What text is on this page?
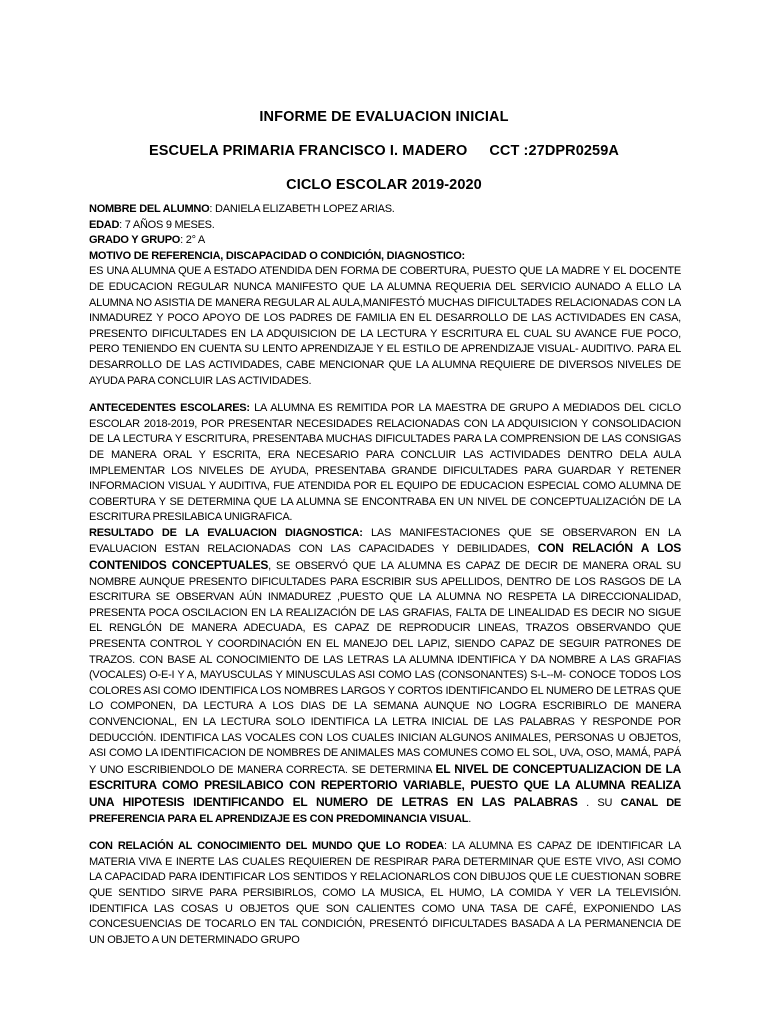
INFORME DE EVALUACION INICIAL
ESCUELA PRIMARIA FRANCISCO I. MADERO CCT :27DPR0259A
CICLO ESCOLAR 2019-2020

NOMBRE DEL ALUMNO: DANIELA ELIZABETH LOPEZ ARIAS.

EDAD: 7 AÑOS 9 MESES.

GRADO Y GRUPO: 2° A

MOTIVO DE REFERENCIA, DISCAPACIDAD O CONDICIÓN, DIAGNOSTICO:

ES UNA ALUMNA QUE A ESTADO ATENDIDA DEN FORMA DE COBERTURA, PUESTO QUE LA MADRE Y EL DOCENTE DE EDUCACION REGULAR NUNCA MANIFESTO QUE LA ALUMNA REQUERIA DEL SERVICIO AUNADO A ELLO LA ALUMNA NO ASISTIA DE MANERA REGULAR AL AULA,MANIFESTÓ MUCHAS DIFICULTADES RELACIONADAS CON LA INMADUREZ Y POCO APOYO DE LOS PADRES DE FAMILIA EN EL DESARROLLO DE LAS ACTIVIDADES EN CASA, PRESENTO DIFICULTADES EN LA ADQUISICION DE LA LECTURA Y ESCRITURA EL CUAL SU AVANCE FUE POCO, PERO TENIENDO EN CUENTA SU LENTO APRENDIZAJE Y EL ESTILO DE APRENDIZAJE VISUAL- AUDITIVO. PARA EL DESARROLLO DE LAS ACTIVIDADES, CABE MENCIONAR QUE LA ALUMNA REQUIERE DE DIVERSOS NIVELES DE AYUDA PARA CONCLUIR LAS ACTIVIDADES.

ANTECEDENTES ESCOLARES: LA ALUMNA ES REMITIDA POR LA MAESTRA DE GRUPO A MEDIADOS DEL CICLO ESCOLAR 2018-2019, POR PRESENTAR NECESIDADES RELACIONADAS CON LA ADQUISICION Y CONSOLIDACION DE LA LECTURA Y ESCRITURA, PRESENTABA MUCHAS DIFICULTADES PARA LA COMPRENSION DE LAS CONSIGAS DE MANERA ORAL Y ESCRITA, ERA NECESARIO PARA CONCLUIR LAS ACTIVIDADES DENTRO DELA AULA IMPLEMENTAR LOS NIVELES DE AYUDA, PRESENTABA GRANDE DIFICULTADES PARA GUARDAR Y RETENER INFORMACION VISUAL Y AUDITIVA, FUE ATENDIDA POR EL EQUIPO DE EDUCACION ESPECIAL COMO ALUMNA DE COBERTURA Y SE DETERMINA QUE LA ALUMNA SE ENCONTRABA EN UN NIVEL DE CONCEPTUALIZACIÓN DE LA ESCRITURA PRESILABICA UNIGRAFICA.

RESULTADO DE LA EVALUACION DIAGNOSTICA: LAS MANIFESTACIONES QUE SE OBSERVARON EN LA EVALUACION ESTAN RELACIONADAS CON LAS CAPACIDADES Y DEBILIDADES, CON RELACIÓN A LOS CONTENIDOS CONCEPTUALES, SE OBSERVÓ QUE LA ALUMNA ES CAPAZ DE DECIR DE MANERA ORAL SU NOMBRE AUNQUE PRESENTO DIFICULTADES PARA ESCRIBIR SUS APELLIDOS, DENTRO DE LOS RASGOS DE LA ESCRITURA SE OBSERVAN AÚN INMADUREZ ,PUESTO QUE LA ALUMNA NO RESPETA LA DIRECCIONALIDAD, PRESENTA POCA OSCILACION EN LA REALIZACIÓN DE LAS GRAFIAS, FALTA DE LINEALIDAD ES DECIR NO SIGUE EL RENGLÓN DE MANERA ADECUADA, ES CAPAZ DE REPRODUCIR LINEAS, TRAZOS OBSERVANDO QUE PRESENTA CONTROL Y COORDINACIÓN EN EL MANEJO DEL LAPIZ, SIENDO CAPAZ DE SEGUIR PATRONES DE TRAZOS. CON BASE AL CONOCIMIENTO DE LAS LETRAS LA ALUMNA IDENTIFICA Y DA NOMBRE A LAS GRAFIAS (VOCALES) O-E-I Y A, MAYUSCULAS Y MINUSCULAS ASI COMO LAS (CONSONANTES) S-L--M- CONOCE TODOS LOS COLORES ASI COMO IDENTIFICA LOS NOMBRES LARGOS Y CORTOS IDENTIFICANDO EL NUMERO DE LETRAS QUE LO COMPONEN, DA LECTURA A LOS DIAS DE LA SEMANA AUNQUE NO LOGRA ESCRIBIRLO DE MANERA CONVENCIONAL, EN LA LECTURA SOLO IDENTIFICA LA LETRA INICIAL DE LAS PALABRAS Y RESPONDE POR DEDUCCIÓN. IDENTIFICA LAS VOCALES CON LOS CUALES INICIAN ALGUNOS ANIMALES, PERSONAS U OBJETOS, ASI COMO LA IDENTIFICACION DE NOMBRES DE ANIMALES MAS COMUNES COMO EL SOL, UVA, OSO, MAMÁ, PAPÁ Y UNO ESCRIBIENDOLO DE MANERA CORRECTA. SE DETERMINA EL NIVEL DE CONCEPTUALIZACION DE LA ESCRITURA COMO PRESILABICO CON REPERTORIO VARIABLE, PUESTO QUE LA ALUMNA REALIZA UNA HIPOTESIS IDENTIFICANDO EL NUMERO DE LETRAS EN LAS PALABRAS . SU CANAL DE PREFERENCIA PARA EL APRENDIZAJE ES CON PREDOMINANCIA VISUAL.

CON RELACIÓN AL CONOCIMIENTO DEL MUNDO QUE LO RODEA: LA ALUMNA ES CAPAZ DE IDENTIFICAR LA MATERIA VIVA E INERTE LAS CUALES REQUIEREN DE RESPIRAR PARA DETERMINAR QUE ESTE VIVO, ASI COMO LA CAPACIDAD PARA IDENTIFICAR LOS SENTIDOS Y RELACIONARLOS CON DIBUJOS QUE LE CUESTIONAN SOBRE QUE SENTIDO SIRVE PARA PERSIBIRLOS, COMO LA MUSICA, EL HUMO, LA COMIDA Y VER LA TELEVISIÓN. IDENTIFICA LAS COSAS U OBJETOS QUE SON CALIENTES COMO UNA TASA DE CAFÉ, EXPONIENDO LAS CONCESUENCIAS DE TOCARLO EN TAL CONDICIÓN, PRESENTÓ DIFICULTADES BASADA A LA PERMANENCIA DE UN OBJETO A UN DETERMINADO GRUPO
